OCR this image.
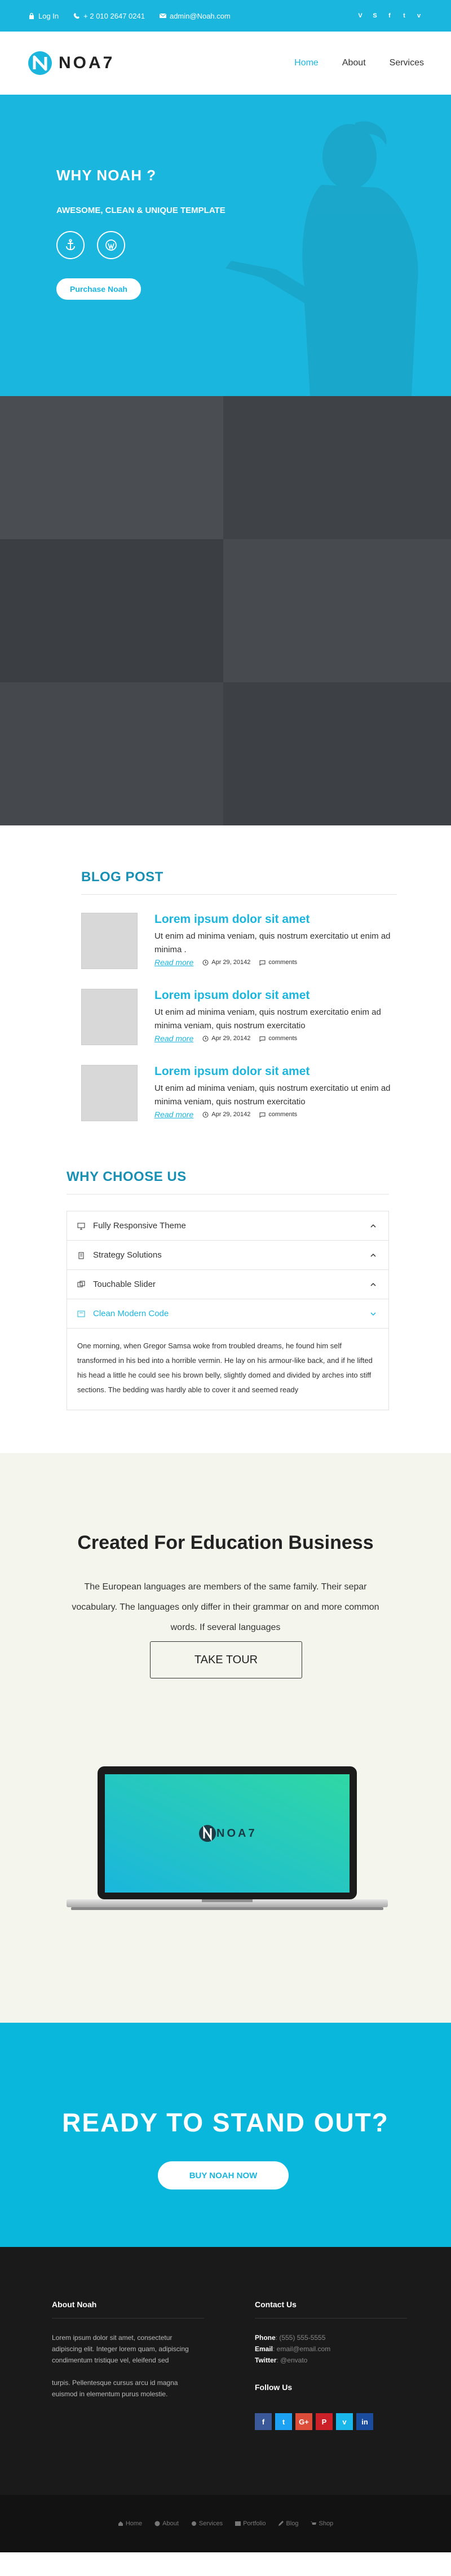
Log In	+ 2 010 2647 0241	admin@Noah.com	V	S	f	t	v
NOA7	Home	About	Services
WHY NOAH ?
AWESOME, CLEAN & UNIQUE TEMPLATE
Purchase Noah
BLOG POST
Lorem ipsum dolor sit amet

Ut enim ad minima veniam, quis nostrum exercitatio ut enim ad minima .

Read more	Apr 29, 20142	comments
Lorem ipsum dolor sit amet

Ut enim ad minima veniam, quis nostrum exercitatio enim ad minima veniam, quis nostrum exercitatio

Read more	Apr 29, 20142	comments
Lorem ipsum dolor sit amet

Ut enim ad minima veniam, quis nostrum exercitatio ut enim ad minima veniam, quis nostrum exercitatio

Read more	Apr 29, 20142	comments
WHY CHOOSE US
Fully Responsive Theme
Strategy Solutions
Touchable Slider
Clean Modern Code
One morning, when Gregor Samsa woke from troubled dreams, he found him self transformed in his bed into a horrible vermin. He lay on his armour-like back, and if he lifted his head a little he could see his brown belly, slightly domed and divided by arches into stiff sections. The bedding was hardly able to cover it and seemed ready
Created For Education Business
The European languages are members of the same family. Their separ vocabulary. The languages only differ in their grammar on and more common words. If several languages
TAKE TOUR
NOA7
READY TO STAND OUT?
BUY NOAH NOW
About Noah

Lorem ipsum dolor sit amet, consectetur adipiscing elit. Integer lorem quam, adipiscing condimentum tristique vel, eleifend sed

turpis. Pellentesque cursus arcu id magna euismod in elementum purus molestie.

Contact Us
Phone: (555) 555-5555
Email: email@email.com
Twitter: @envato
Follow Us
f	t	G+	P	v	in
Home	About	Services	Portfolio	Blog	Shop
